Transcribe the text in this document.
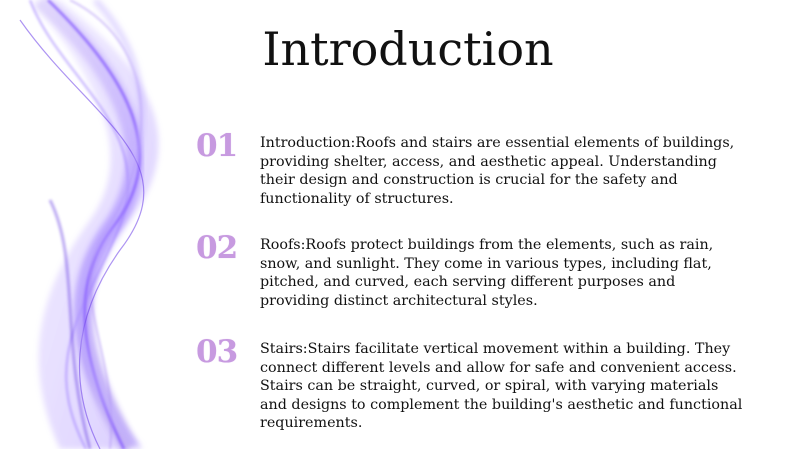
Introduction
01	Introduction:Roofs and stairs are essential elements of buildings, providing shelter, access, and aesthetic appeal. Understanding their design and construction is crucial for the safety and functionality of structures.
02	Roofs:Roofs protect buildings from the elements, such as rain, snow, and sunlight. They come in various types, including flat, pitched, and curved, each serving different purposes and providing distinct architectural styles.
03	Stairs:Stairs facilitate vertical movement within a building. They connect different levels and allow for safe and convenient access. Stairs can be straight, curved, or spiral, with varying materials and designs to complement the building's aesthetic and functional requirements.
